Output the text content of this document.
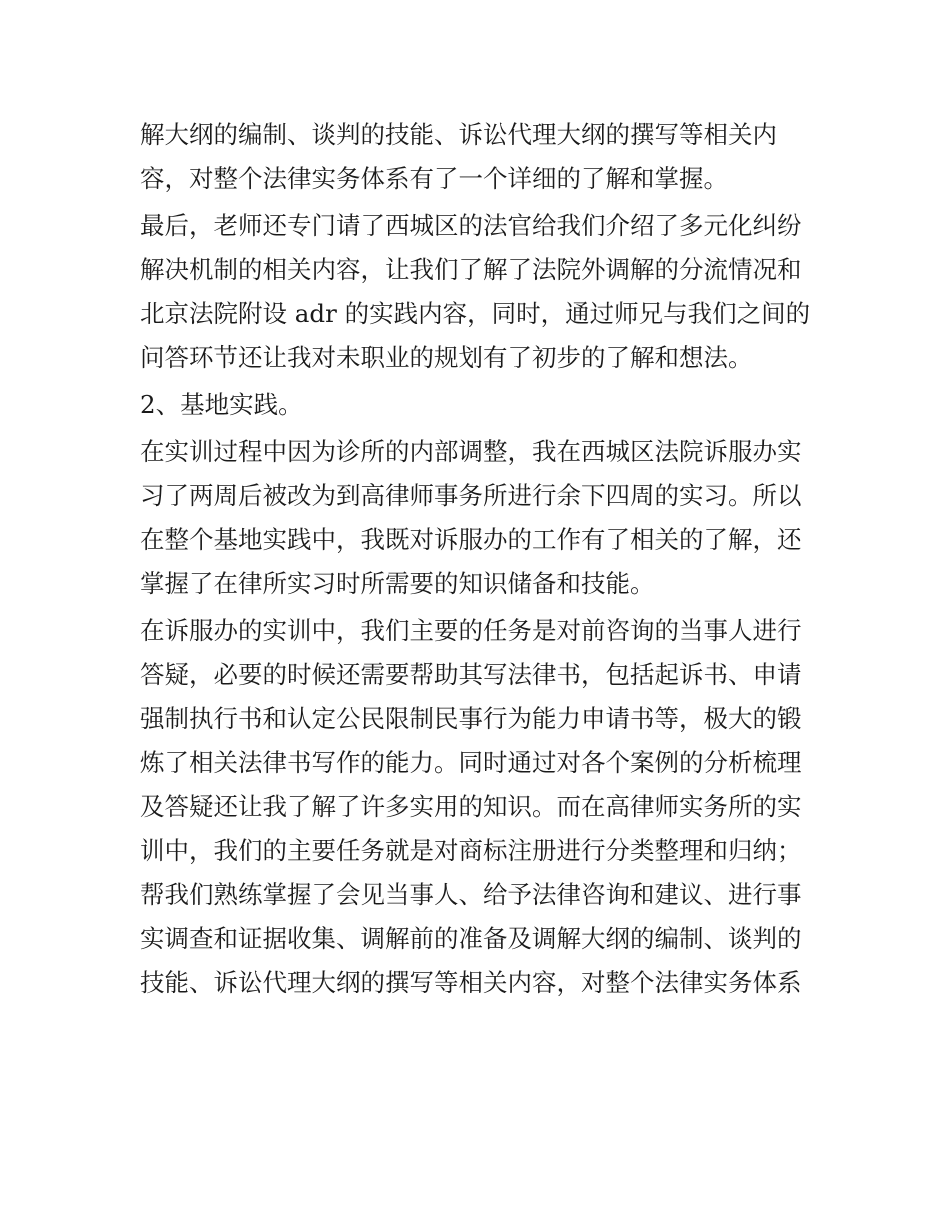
解大纲的编制、谈判的技能、诉讼代理大纲的撰写等相关内
容，对整个法律实务体系有了一个详细的了解和掌握。
最后，老师还专门请了西城区的法官给我们介绍了多元化纠纷
解决机制的相关内容，让我们了解了法院外调解的分流情况和
北京法院附设 adr 的实践内容，同时，通过师兄与我们之间的
问答环节还让我对未职业的规划有了初步的了解和想法。
2、基地实践。
在实训过程中因为诊所的内部调整，我在西城区法院诉服办实
习了两周后被改为到高律师事务所进行余下四周的实习。所以
在整个基地实践中，我既对诉服办的工作有了相关的了解，还
掌握了在律所实习时所需要的知识储备和技能。
在诉服办的实训中，我们主要的任务是对前咨询的当事人进行
答疑，必要的时候还需要帮助其写法律书，包括起诉书、申请
强制执行书和认定公民限制民事行为能力申请书等，极大的锻
炼了相关法律书写作的能力。同时通过对各个案例的分析梳理
及答疑还让我了解了许多实用的知识。而在高律师实务所的实
训中，我们的主要任务就是对商标注册进行分类整理和归纳；
帮我们熟练掌握了会见当事人、给予法律咨询和建议、进行事
实调查和证据收集、调解前的准备及调解大纲的编制、谈判的
技能、诉讼代理大纲的撰写等相关内容，对整个法律实务体系
